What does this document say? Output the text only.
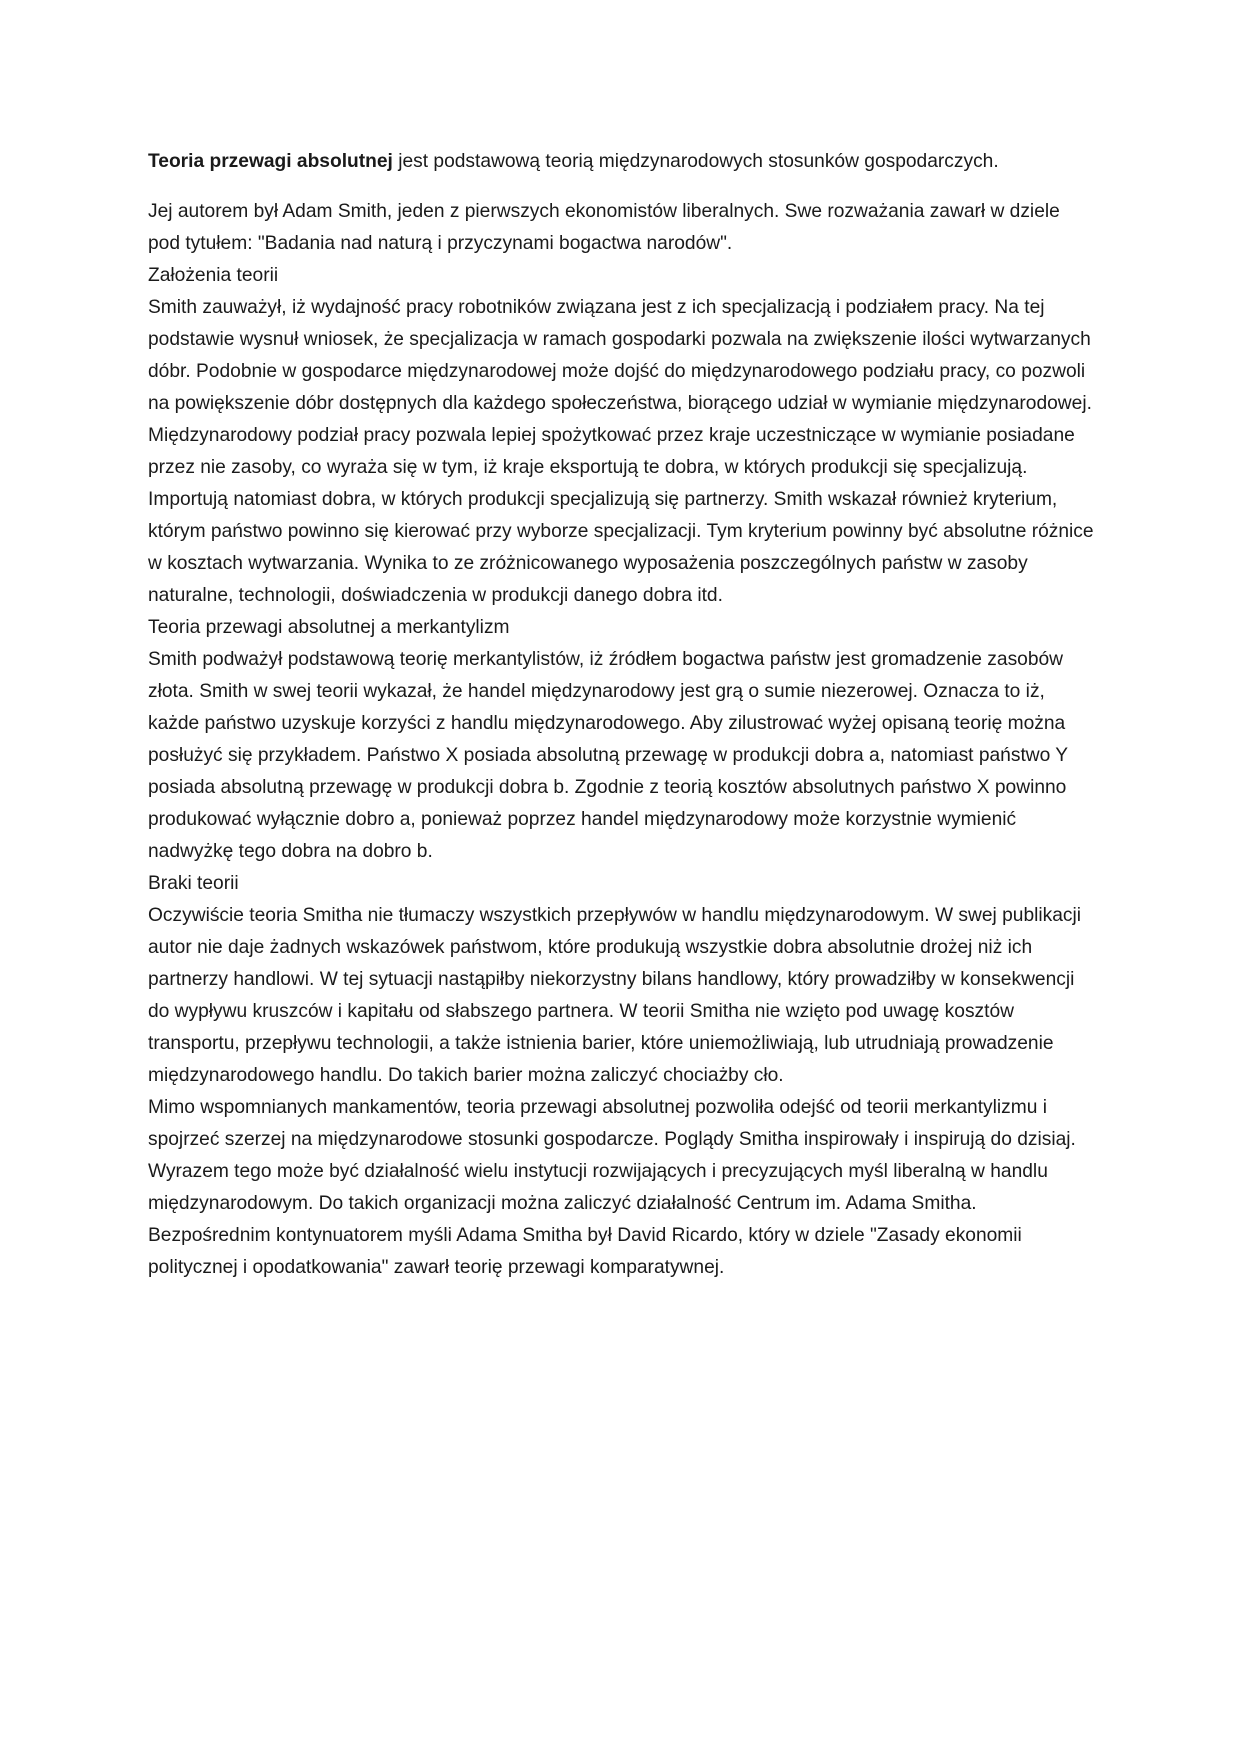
Teoria przewagi absolutnej jest podstawową teorią międzynarodowych stosunków gospodarczych.

Jej autorem był Adam Smith, jeden z pierwszych ekonomistów liberalnych. Swe rozważania zawarł w dziele pod tytułem: "Badania nad naturą i przyczynami bogactwa narodów".

Założenia teorii

Smith zauważył, iż wydajność pracy robotników związana jest z ich specjalizacją i podziałem pracy. Na tej podstawie wysnuł wniosek, że specjalizacja w ramach gospodarki pozwala na zwiększenie ilości wytwarzanych dóbr. Podobnie w gospodarce międzynarodowej może dojść do międzynarodowego podziału pracy, co pozwoli na powiększenie dóbr dostępnych dla każdego społeczeństwa, biorącego udział w wymianie międzynarodowej. Międzynarodowy podział pracy pozwala lepiej spożytkować przez kraje uczestniczące w wymianie posiadane przez nie zasoby, co wyraża się w tym, iż kraje eksportują te dobra, w których produkcji się specjalizują. Importują natomiast dobra, w których produkcji specjalizują się partnerzy. Smith wskazał również kryterium, którym państwo powinno się kierować przy wyborze specjalizacji. Tym kryterium powinny być absolutne różnice w kosztach wytwarzania. Wynika to ze zróżnicowanego wyposażenia poszczególnych państw w zasoby naturalne, technologii, doświadczenia w produkcji danego dobra itd.

Teoria przewagi absolutnej a merkantylizm

Smith podważył podstawową teorię merkantylistów, iż źródłem bogactwa państw jest gromadzenie zasobów złota. Smith w swej teorii wykazał, że handel międzynarodowy jest grą o sumie niezerowej. Oznacza to iż, każde państwo uzyskuje korzyści z handlu międzynarodowego. Aby zilustrować wyżej opisaną teorię można posłużyć się przykładem. Państwo X posiada absolutną przewagę w produkcji dobra a, natomiast państwo Y posiada absolutną przewagę w produkcji dobra b. Zgodnie z teorią kosztów absolutnych państwo X powinno produkować wyłącznie dobro a, ponieważ poprzez handel międzynarodowy może korzystnie wymienić nadwyżkę tego dobra na dobro b.

Braki teorii

Oczywiście teoria Smitha nie tłumaczy wszystkich przepływów w handlu międzynarodowym. W swej publikacji autor nie daje żadnych wskazówek państwom, które produkują wszystkie dobra absolutnie drożej niż ich partnerzy handlowi. W tej sytuacji nastąpiłby niekorzystny bilans handlowy, który prowadziłby w konsekwencji do wypływu kruszców i kapitału od słabszego partnera. W teorii Smitha nie wzięto pod uwagę kosztów transportu, przepływu technologii, a także istnienia barier, które uniemożliwiają, lub utrudniają prowadzenie międzynarodowego handlu. Do takich barier można zaliczyć chociażby cło.

Mimo wspomnianych mankamentów, teoria przewagi absolutnej pozwoliła odejść od teorii merkantylizmu i spojrzeć szerzej na międzynarodowe stosunki gospodarcze. Poglądy Smitha inspirowały i inspirują do dzisiaj. Wyrazem tego może być działalność wielu instytucji rozwijających i precyzujących myśl liberalną w handlu międzynarodowym. Do takich organizacji można zaliczyć działalność Centrum im. Adama Smitha.

Bezpośrednim kontynuatorem myśli Adama Smitha był David Ricardo, który w dziele "Zasady ekonomii politycznej i opodatkowania" zawarł teorię przewagi komparatywnej.
